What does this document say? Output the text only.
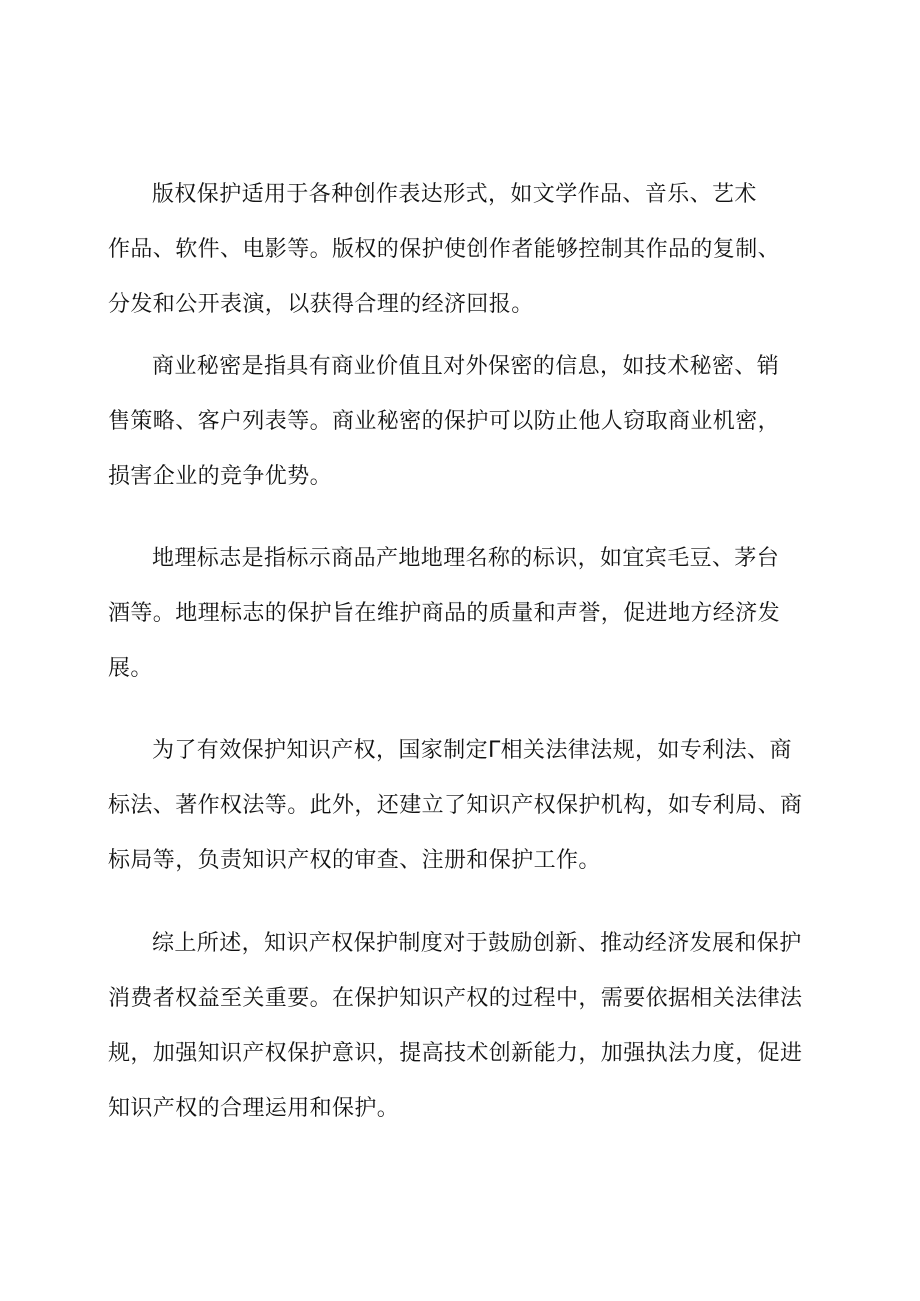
版权保护适用于各种创作表达形式，如文学作品、音乐、艺术
作品、软件、电影等。版权的保护使创作者能够控制其作品的复制、
分发和公开表演，以获得合理的经济回报。

商业秘密是指具有商业价值且对外保密的信息，如技术秘密、销
售策略、客户列表等。商业秘密的保护可以防止他人窃取商业机密，
损害企业的竞争优势。

地理标志是指标示商品产地地理名称的标识，如宜宾毛豆、茅台
酒等。地理标志的保护旨在维护商品的质量和声誉，促进地方经济发
展。

为了有效保护知识产权，国家制定Γ相关法律法规，如专利法、商
标法、著作权法等。此外，还建立了知识产权保护机构，如专利局、商
标局等，负责知识产权的审查、注册和保护工作。

综上所述，知识产权保护制度对于鼓励创新、推动经济发展和保护
消费者权益至关重要。在保护知识产权的过程中，需要依据相关法律法
规，加强知识产权保护意识，提高技术创新能力，加强执法力度，促进
知识产权的合理运用和保护。
